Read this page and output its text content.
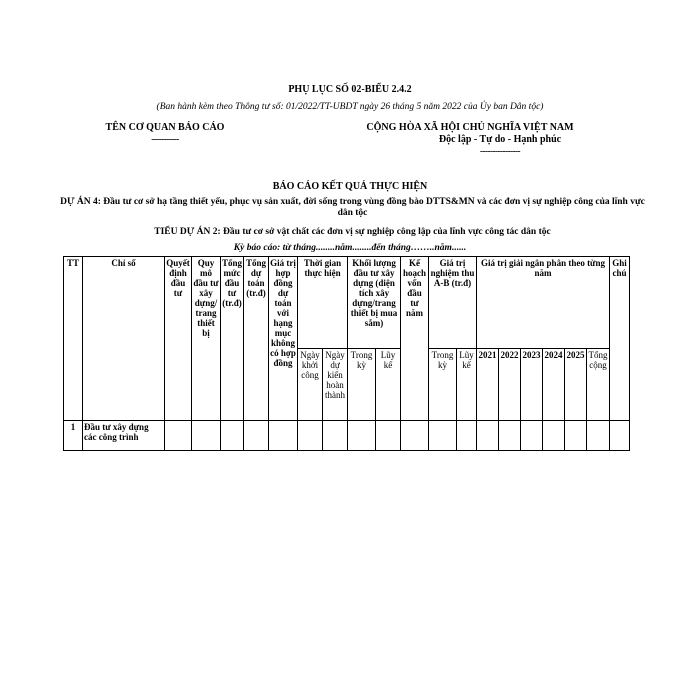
PHỤ LỤC SỐ 02-BIỂU 2.4.2
(Ban hành kèm theo Thông tư số: 01/2022/TT-UBDT ngày 26 tháng 5 năm 2022 của Ủy ban Dân tộc)
TÊN CƠ QUAN BÁO CÁO
-----------
CỘNG HÒA XÃ HỘI CHỦ NGHĨA VIỆT NAM
Độc lập - Tự do - Hạnh phúc
----------------
BÁO CÁO KẾT QUẢ THỰC HIỆN
DỰ ÁN 4: Đầu tư cơ sở hạ tầng thiết yếu, phục vụ sản xuất, đời sống trong vùng đồng bào DTTS&MN và các đơn vị sự nghiệp công của lĩnh vực dân tộc
TIỂU DỰ ÁN 2: Đầu tư cơ sở vật chất các đơn vị sự nghiệp công lập của lĩnh vực công tác dân tộc
Kỳ báo cáo: từ tháng........năm........đến tháng……..năm......
TT	Chỉ số	Quyết định đầu tư	Quy mô đầu tư xây dựng/ trang thiết bị	Tổng mức đầu tư (tr.đ)	Tổng dự toán (tr.đ)	Giá trị hợp đồng dự toán với hạng mục không có hợp đồng	Thời gian thực hiện		Khối lượng đầu tư xây dựng (diện tích xây dựng/trang thiết bị mua sắm)		Kế hoạch vốn đầu tư năm	Giá trị nghiệm thu A-B (tr.đ)		Giá trị giải ngân phân theo từng năm						Ghi chú
							Ngày khởi công	Ngày dự kiến hoàn thành	Trong kỳ	Lũy kế		Trong kỳ	Lũy kế	2021	2022	2023	2024	2025	Tổng cộng	
1	Đầu tư xây dựng các công trình																			
